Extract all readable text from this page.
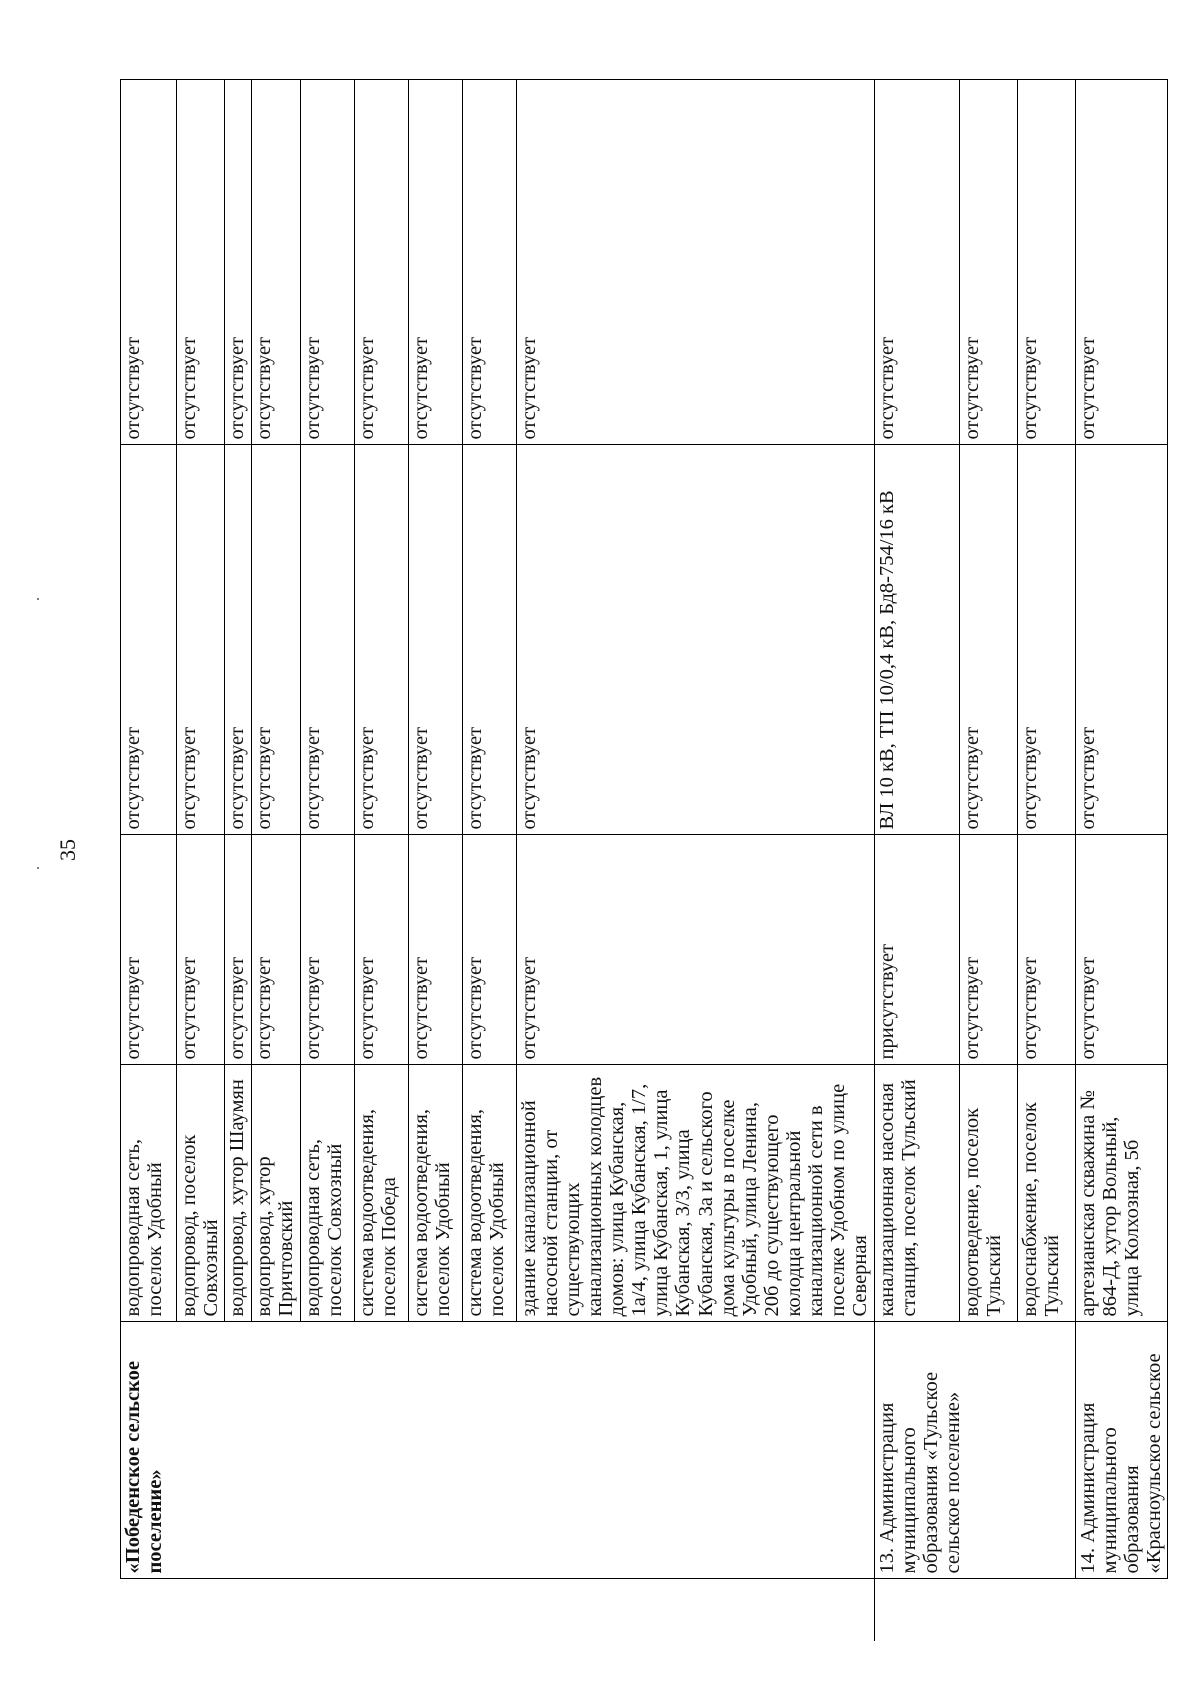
35
	«Победенское сельское поселение»	водопроводная сеть, поселок Удобный	отсутствует	отсутствует	отсутствует
		водопровод, поселок Совхозный	отсутствует	отсутствует	отсутствует
		водопровод, хутор Шаумян	отсутствует	отсутствует	отсутствует
		водопровод, хутор Причтовский	отсутствует	отсутствует	отсутствует
		водопроводная сеть, поселок Совхозный	отсутствует	отсутствует	отсутствует
		система водоотведения, поселок Победа	отсутствует	отсутствует	отсутствует
		система водоотведения, поселок Удобный	отсутствует	отсутствует	отсутствует
		система водоотведения, поселок Удобный	отсутствует	отсутствует	отсутствует
		здание канализационной насосной станции, от существующих канализационных колодцев домов: улица Кубанская, 1а/4, улица Кубанская, 1/7, улица Кубанская, 1, улица Кубанская, 3/3, улица Кубанская, 3а и сельского дома культуры в поселке Удобный, улица Ленина, 20б до существующего колодца центральной канализационной сети в поселке Удобном по улице Северная	отсутствует	отсутствует	отсутствует
	13. Администрация муниципального образования «Тульское сельское поселение»	канализационная насосная станция, поселок Тульский	присутствует	ВЛ 10 кВ, ТП 10/0,4 кВ, Бд8-754/16 кВ	отсутствует
		водоотведение, поселок Тульский	отсутствует	отсутствует	отсутствует
		водоснабжение, поселок Тульский	отсутствует	отсутствует	отсутствует
	14. Администрация муниципального образования «Красноульское сельское	артезианская скважина № 864-Д, хутор Вольный, улица Колхозная, 5б	отсутствует	отсутствует	отсутствует
